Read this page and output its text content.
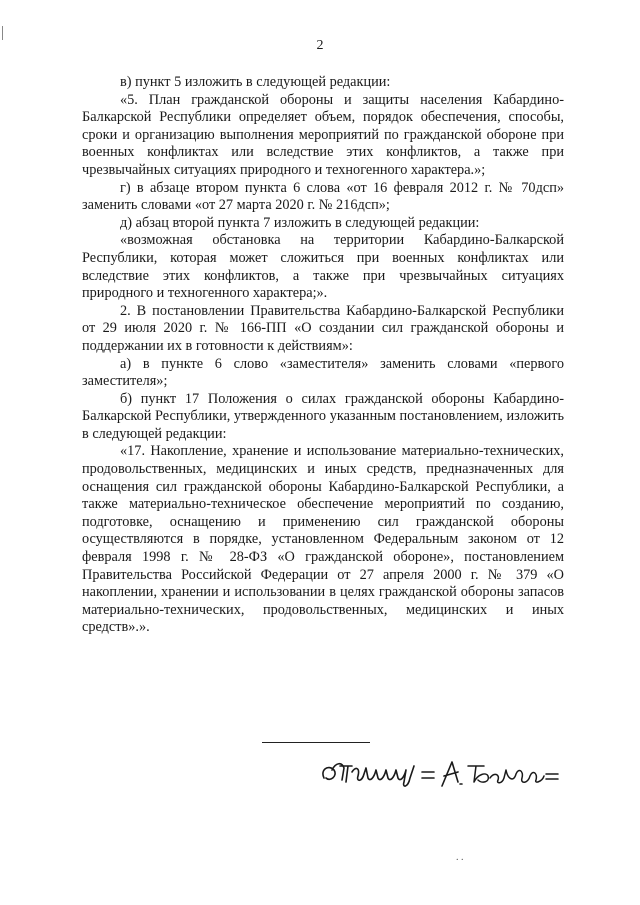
2

в) пункт 5 изложить в следующей редакции:

«5. План гражданской обороны и защиты населения Кабардино-Балкарской Республики определяет объем, порядок обеспечения, способы, сроки и организацию выполнения мероприятий по гражданской обороне при военных конфликтах или вследствие этих конфликтов, а также при чрезвычайных ситуациях природного и техногенного характера.»;

г) в абзаце втором пункта 6 слова «от 16 февраля 2012 г. № 70дсп» заменить словами «от 27 марта 2020 г. № 216дсп»;

д) абзац второй пункта 7 изложить в следующей редакции:

«возможная обстановка на территории Кабардино-Балкарской Республики, которая может сложиться при военных конфликтах или вследствие этих конфликтов, а также при чрезвычайных ситуациях природного и техногенного характера;».

2. В постановлении Правительства Кабардино-Балкарской Республики от 29 июля 2020 г. № 166-ПП «О создании сил гражданской обороны и поддержании их в готовности к действиям»:

а) в пункте 6 слово «заместителя» заменить словами «первого заместителя»;

б) пункт 17 Положения о силах гражданской обороны Кабардино-Балкарской Республики, утвержденного указанным постановлением, изложить в следующей редакции:

«17. Накопление, хранение и использование материально-технических, продовольственных, медицинских и иных средств, предназначенных для оснащения сил гражданской обороны Кабардино-Балкарской Республики, а также материально-техническое обеспечение мероприятий по созданию, подготовке, оснащению и применению сил гражданской обороны осуществляются в порядке, установленном Федеральным законом от 12 февраля 1998 г. № 28-ФЗ «О гражданской обороне», постановлением Правительства Российской Федерации от 27 апреля 2000 г. № 379 «О накоплении, хранении и использовании в целях гражданской обороны запасов материально-технических, продовольственных, медицинских и иных средств».».

. .
